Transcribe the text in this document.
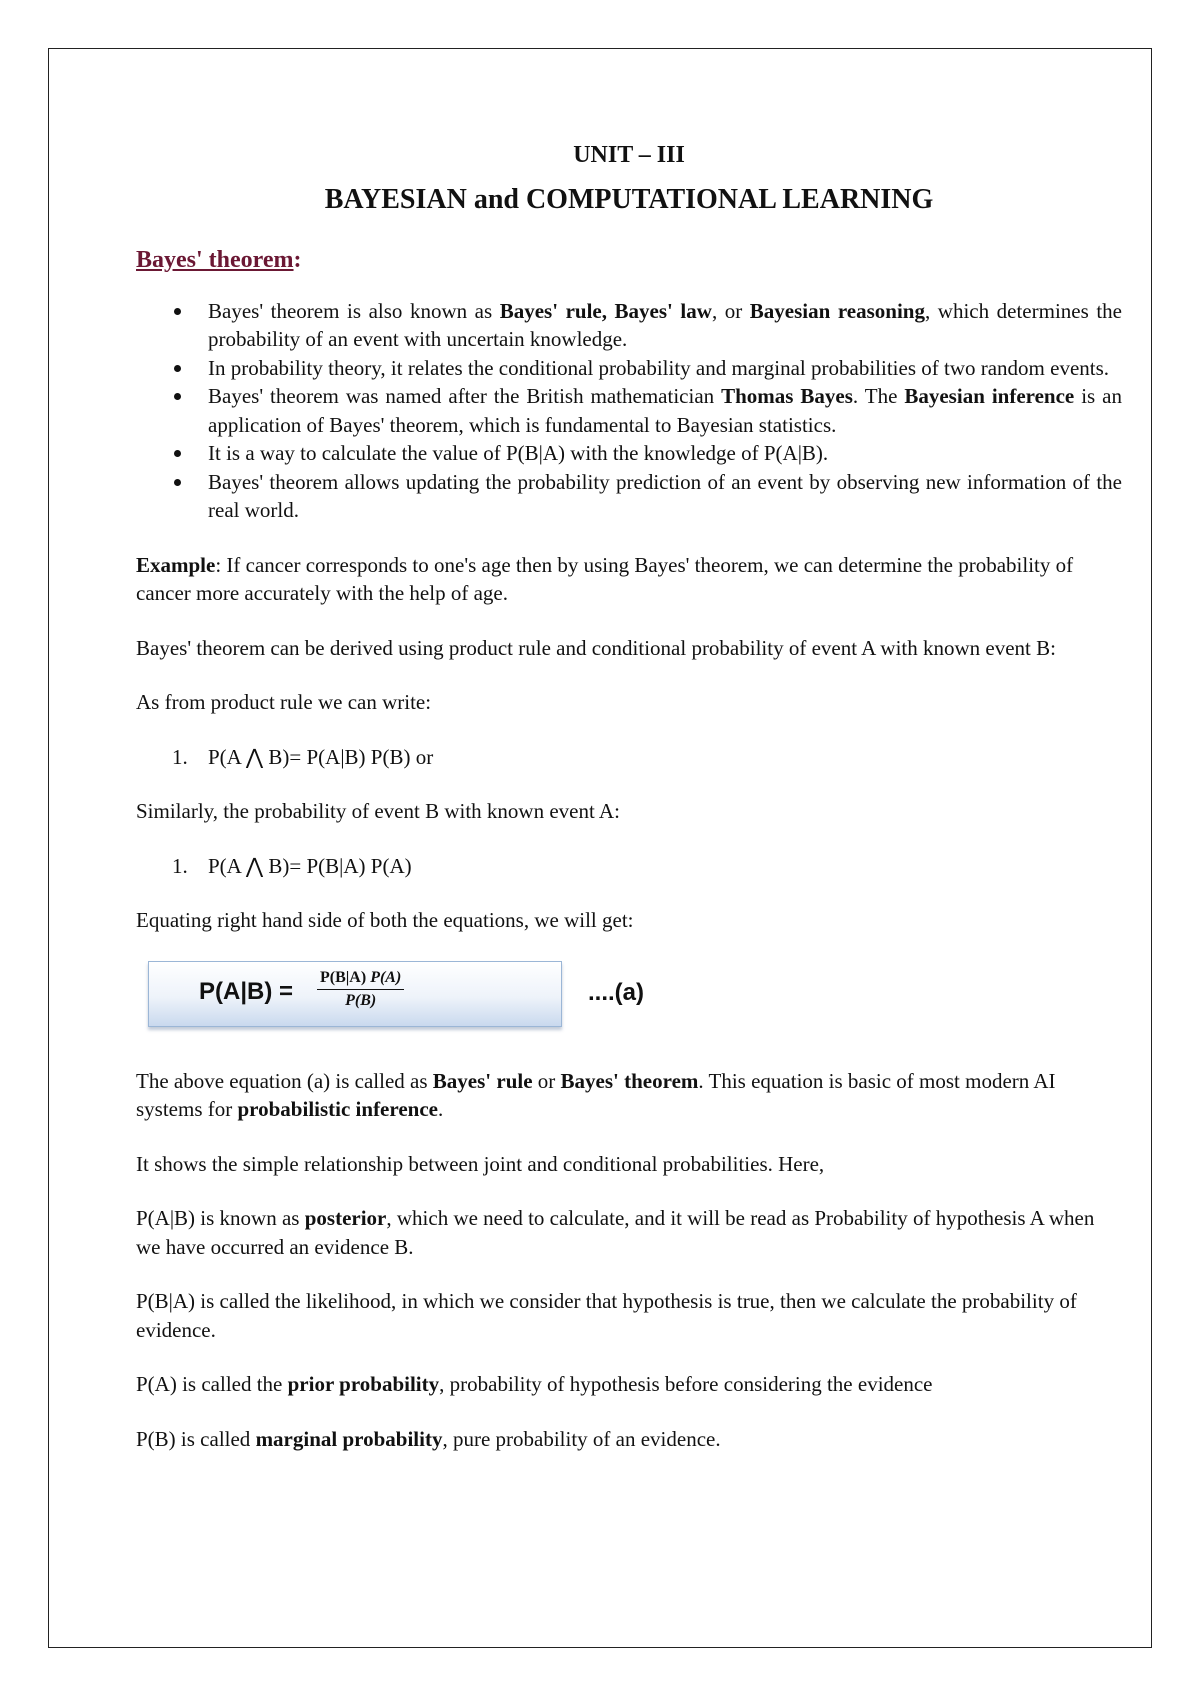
UNIT – III
BAYESIAN and COMPUTATIONAL LEARNING
Bayes' theorem:
Bayes' theorem is also known as Bayes' rule, Bayes' law, or Bayesian reasoning, which determines the probability of an event with uncertain knowledge.
In probability theory, it relates the conditional probability and marginal probabilities of two random events.
Bayes' theorem was named after the British mathematician Thomas Bayes. The Bayesian inference is an application of Bayes' theorem, which is fundamental to Bayesian statistics.
It is a way to calculate the value of P(B|A) with the knowledge of P(A|B).
Bayes' theorem allows updating the probability prediction of an event by observing new information of the real world.

Example: If cancer corresponds to one's age then by using Bayes' theorem, we can determine the probability of cancer more accurately with the help of age.

Bayes' theorem can be derived using product rule and conditional probability of event A with known event B:

As from product rule we can write:

1. P(A ⋀ B)= P(A|B) P(B) or

Similarly, the probability of event B with known event A:

1. P(A ⋀ B)= P(B|A) P(A)

Equating right hand side of both the equations, we will get:

$P(A|B) = \frac{P(B|A) P(A)}{P(B)}$	....(a)

The above equation (a) is called as Bayes' rule or Bayes' theorem. This equation is basic of most modern AI systems for probabilistic inference.

It shows the simple relationship between joint and conditional probabilities. Here,

P(A|B) is known as posterior, which we need to calculate, and it will be read as Probability of hypothesis A when we have occurred an evidence B.

P(B|A) is called the likelihood, in which we consider that hypothesis is true, then we calculate the probability of evidence.

P(A) is called the prior probability, probability of hypothesis before considering the evidence

P(B) is called marginal probability, pure probability of an evidence.
